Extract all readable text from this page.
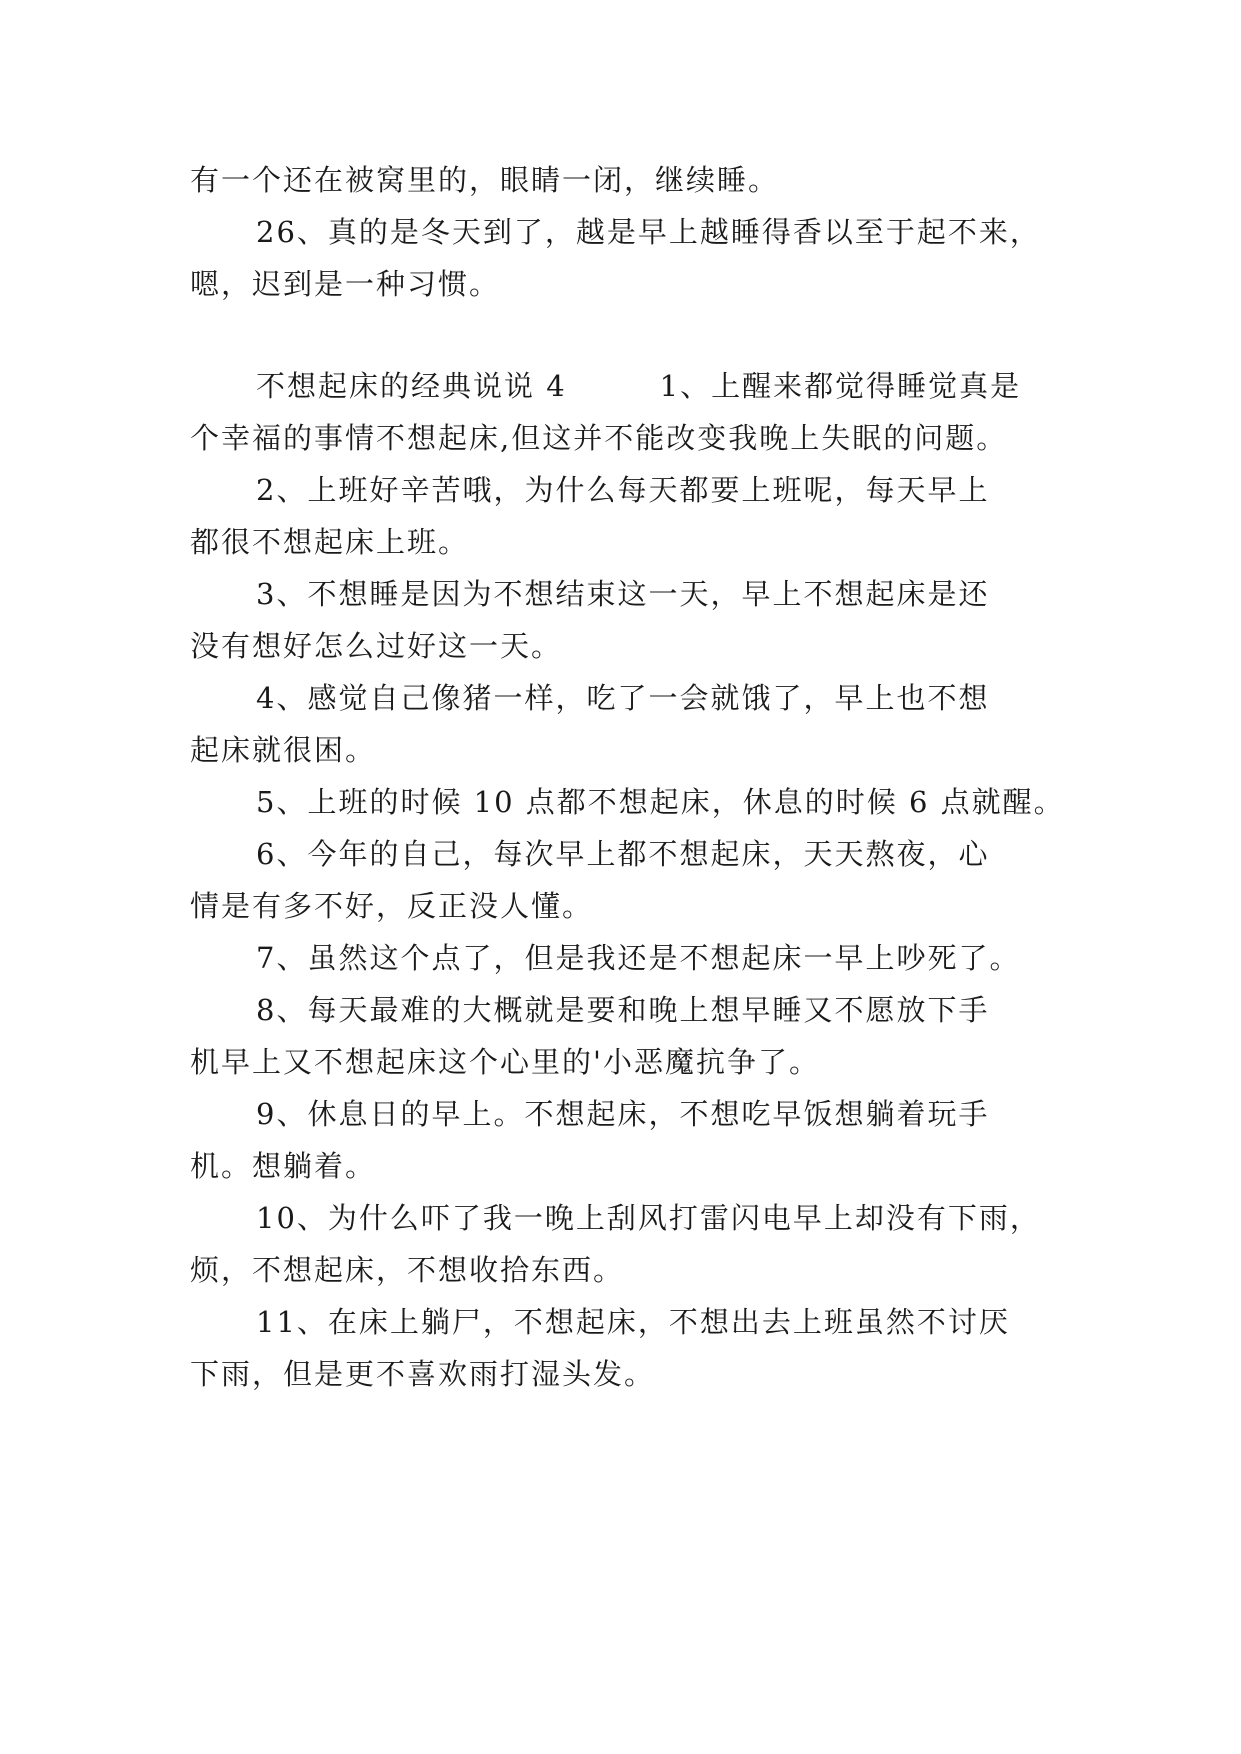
有一个还在被窝里的，眼睛一闭，继续睡。
26、真的是冬天到了，越是早上越睡得香以至于起不来，
嗯，迟到是一种习惯。
不想起床的经典说说 4　　　1、上醒来都觉得睡觉真是
个幸福的事情不想起床,但这并不能改变我晚上失眠的问题。
2、上班好辛苦哦，为什么每天都要上班呢，每天早上
都很不想起床上班。
3、不想睡是因为不想结束这一天，早上不想起床是还
没有想好怎么过好这一天。
4、感觉自己像猪一样，吃了一会就饿了，早上也不想
起床就很困。
5、上班的时候 10 点都不想起床，休息的时候 6 点就醒。
6、今年的自己，每次早上都不想起床，天天熬夜，心
情是有多不好，反正没人懂。
7、虽然这个点了，但是我还是不想起床一早上吵死了。
8、每天最难的大概就是要和晚上想早睡又不愿放下手
机早上又不想起床这个心里的'小恶魔抗争了。
9、休息日的早上。不想起床，不想吃早饭想躺着玩手
机。想躺着。
10、为什么吓了我一晚上刮风打雷闪电早上却没有下雨，
烦，不想起床，不想收拾东西。
11、在床上躺尸，不想起床，不想出去上班虽然不讨厌
下雨，但是更不喜欢雨打湿头发。
